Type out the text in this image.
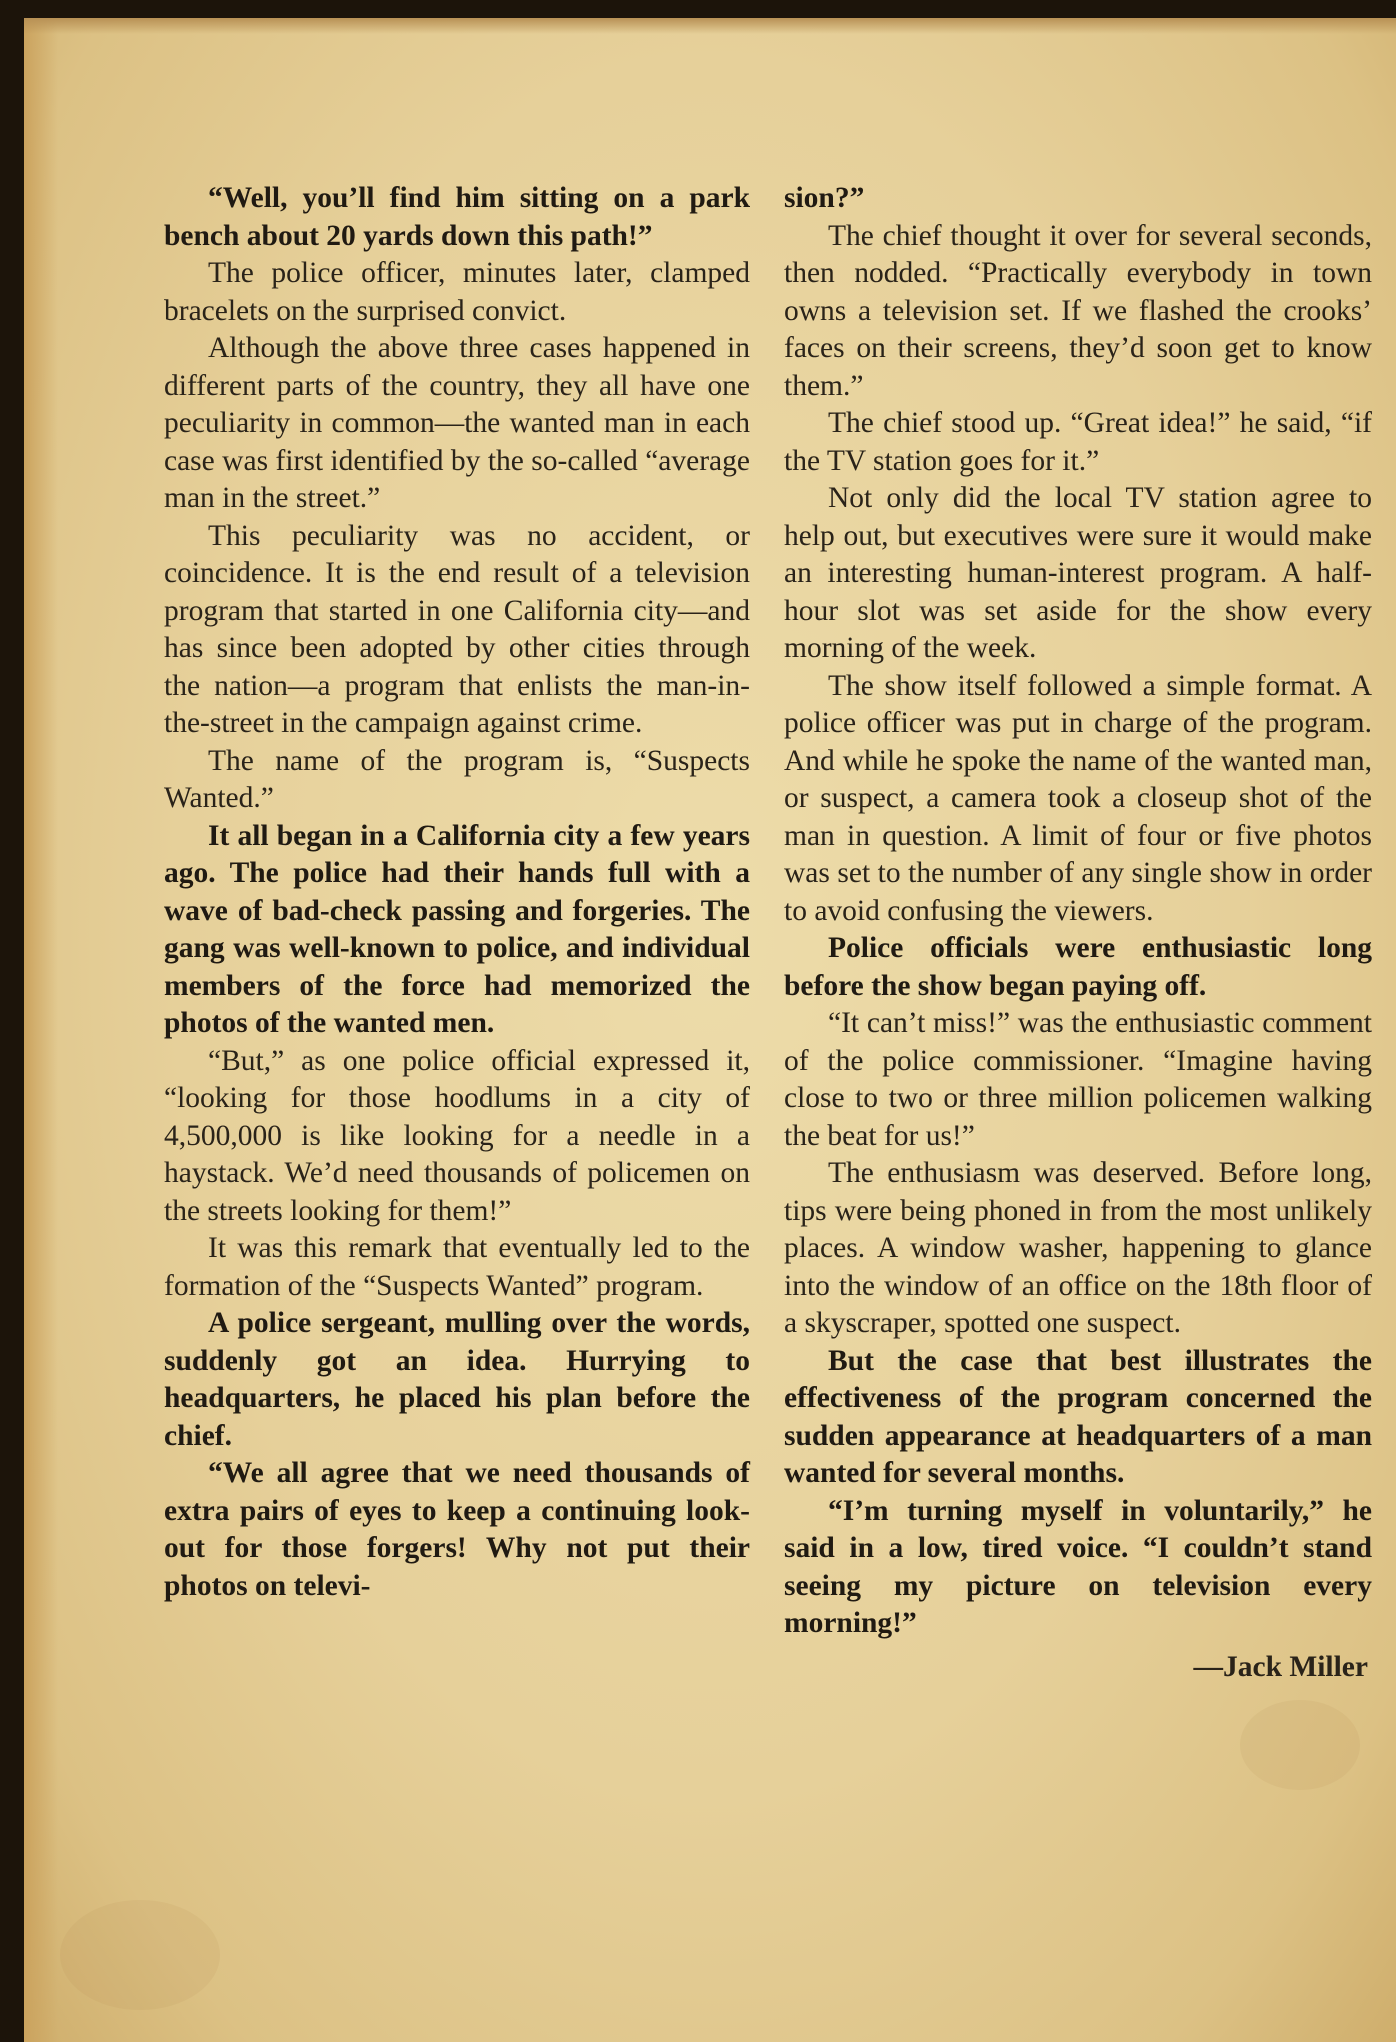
“Well, you’ll find him sitting on a park bench about 20 yards down this path!”

The police officer, minutes later, clamped bracelets on the surprised convict.

Although the above three cases happened in different parts of the country, they all have one peculiarity in common—the wanted man in each case was first identified by the so-called “average man in the street.”

This peculiarity was no accident, or coincidence. It is the end result of a television program that started in one California city—and has since been adopted by other cities through the nation—a program that enlists the man-in-the-street in the campaign against crime.

The name of the program is, “Suspects Wanted.”

It all began in a California city a few years ago. The police had their hands full with a wave of bad-check passing and forgeries. The gang was well-known to police, and individual members of the force had memorized the photos of the wanted men.

“But,” as one police official expressed it, “looking for those hoodlums in a city of 4,500,000 is like looking for a needle in a haystack. We’d need thousands of policemen on the streets looking for them!”

It was this remark that eventually led to the formation of the “Suspects Wanted” program.

A police sergeant, mulling over the words, suddenly got an idea. Hurrying to headquarters, he placed his plan before the chief.

“We all agree that we need thousands of extra pairs of eyes to keep a continuing look-out for those forgers! Why not put their photos on televi-

sion?”

The chief thought it over for several seconds, then nodded. “Practically everybody in town owns a television set. If we flashed the crooks’ faces on their screens, they’d soon get to know them.”

The chief stood up. “Great idea!” he said, “if the TV station goes for it.”

Not only did the local TV station agree to help out, but executives were sure it would make an interesting human-interest program. A half-hour slot was set aside for the show every morning of the week.

The show itself followed a simple format. A police officer was put in charge of the program. And while he spoke the name of the wanted man, or suspect, a camera took a closeup shot of the man in question. A limit of four or five photos was set to the number of any single show in order to avoid confusing the viewers.

Police officials were enthusiastic long before the show began paying off.

“It can’t miss!” was the enthusiastic comment of the police commissioner. “Imagine having close to two or three million policemen walking the beat for us!”

The enthusiasm was deserved. Before long, tips were being phoned in from the most unlikely places. A window washer, happening to glance into the window of an office on the 18th floor of a skyscraper, spotted one suspect.

But the case that best illustrates the effectiveness of the program concerned the sudden appearance at headquarters of a man wanted for several months.

“I’m turning myself in voluntarily,” he said in a low, tired voice. “I couldn’t stand seeing my picture on television every morning!”

—Jack Miller
